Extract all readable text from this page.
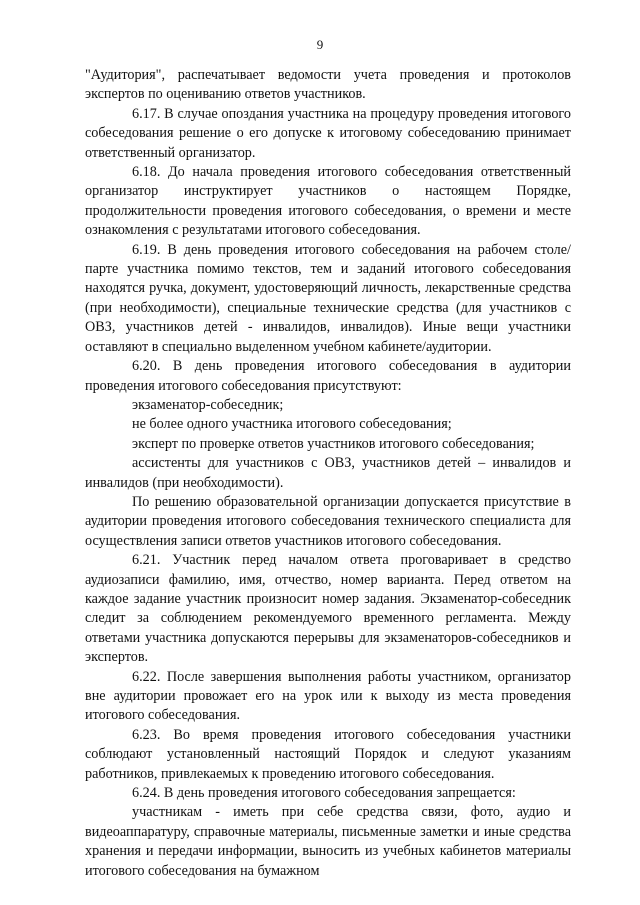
9

"Аудитория", распечатывает ведомости учета проведения и протоколов экспертов по оцениванию ответов участников.

6.17. В случае опоздания участника на процедуру проведения итогового собеседования решение о его допуске к итоговому собеседованию принимает ответственный организатор.

6.18. До начала проведения итогового собеседования ответственный организатор инструктирует участников о настоящем Порядке, продолжительности проведения итогового собеседования, о времени и месте ознакомления с результатами итогового собеседования.

6.19. В день проведения итогового собеседования на рабочем столе/парте участника помимо текстов, тем и заданий итогового собеседования находятся ручка, документ, удостоверяющий личность, лекарственные средства (при необходимости), специальные технические средства (для участников с ОВЗ, участников детей - инвалидов, инвалидов). Иные вещи участники оставляют в специально выделенном учебном кабинете/аудитории.

6.20. В день проведения итогового собеседования в аудитории проведения итогового собеседования присутствуют:

экзаменатор-собеседник;

не более одного участника итогового собеседования;

эксперт по проверке ответов участников итогового собеседования;

ассистенты для участников с ОВЗ, участников детей – инвалидов и инвалидов (при необходимости).

По решению образовательной организации допускается присутствие в аудитории проведения итогового собеседования технического специалиста для осуществления записи ответов участников итогового собеседования.

6.21. Участник перед началом ответа проговаривает в средство аудиозаписи фамилию, имя, отчество, номер варианта. Перед ответом на каждое задание участник произносит номер задания. Экзаменатор-собеседник следит за соблюдением рекомендуемого временного регламента. Между ответами участника допускаются перерывы для экзаменаторов-собеседников и экспертов.

6.22. После завершения выполнения работы участником, организатор вне аудитории провожает его на урок или к выходу из места проведения итогового собеседования.

6.23. Во время проведения итогового собеседования участники соблюдают установленный настоящий Порядок и следуют указаниям работников, привлекаемых к проведению итогового собеседования.

6.24. В день проведения итогового собеседования запрещается:

участникам - иметь при себе средства связи, фото, аудио и видеоаппаратуру, справочные материалы, письменные заметки и иные средства хранения и передачи информации, выносить из учебных кабинетов материалы итогового собеседования на бумажном
